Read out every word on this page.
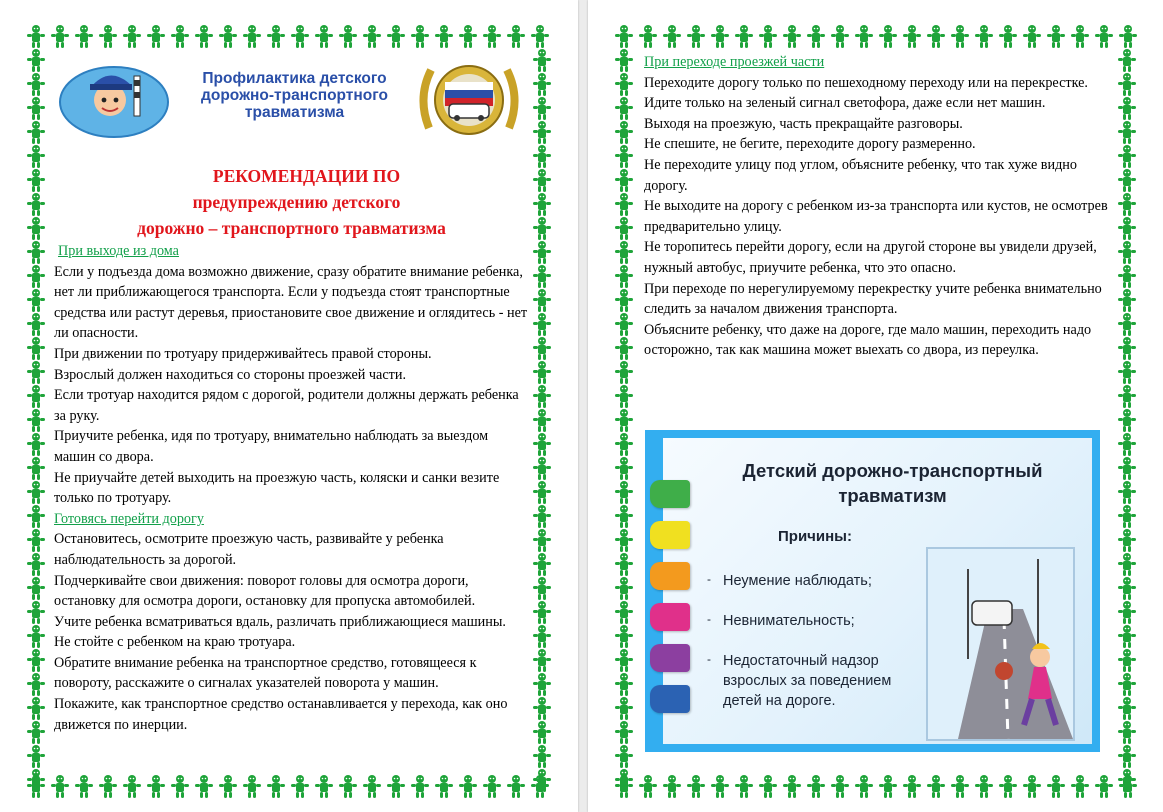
Профилактика детского дорожно-транспортного травматизма
РЕКОМЕНДАЦИИ ПО
предупреждению детского
дорожно – транспортного травматизма
При выходе из дома

Если у подъезда дома возможно движение, сразу обратите внимание ребенка, нет ли приближающегося транспорта. Если у подъезда стоят транспортные средства или растут деревья, приостановите свое движение и оглядитесь - нет ли опасности.

При движении по тротуару придерживайтесь правой стороны.

Взрослый должен находиться со стороны проезжей части.

Если тротуар находится рядом с дорогой, родители должны держать ребенка за руку.

Приучите ребенка, идя по тротуару, внимательно наблюдать за выездом машин со двора.

Не приучайте детей выходить на проезжую часть, коляски и санки везите только по тротуару.

Готовясь перейти дорогу

Остановитесь, осмотрите проезжую часть, развивайте у ребенка наблюдательность за дорогой.

Подчеркивайте свои движения: поворот головы для осмотра дороги, остановку для осмотра дороги, остановку для пропуска автомобилей.

Учите ребенка всматриваться вдаль, различать приближающиеся машины.

Не стойте с ребенком на краю тротуара.

Обратите внимание ребенка на транспортное средство, готовящееся к повороту, расскажите о сигналах указателей поворота у машин.

Покажите, как транспортное средство останавливается у перехода, как оно движется по инерции.

При переходе проезжей части

Переходите дорогу только по пешеходному переходу или на перекрестке.

Идите только на зеленый сигнал светофора, даже если нет машин.

Выходя на проезжую, часть прекращайте разговоры.

Не спешите, не бегите, переходите дорогу размеренно.

Не переходите улицу под углом, объясните ребенку, что так хуже видно дорогу.

Не выходите на дорогу с ребенком из-за транспорта или кустов, не осмотрев предварительно улицу.

Не торопитесь перейти дорогу, если на другой стороне вы увидели друзей, нужный автобус, приучите ребенка, что это опасно.

При переходе по нерегулируемому перекрестку учите ребенка внимательно следить за началом движения транспорта.

Объясните ребенку, что даже на дороге, где мало машин, переходить надо осторожно, так как машина может выехать со двора, из переулка.

Детский дорожно-транспортный травматизм
Причины:
- Неумение наблюдать;
- Невнимательность;
- Недостаточный надзор взрослых за поведением детей на дороге.
